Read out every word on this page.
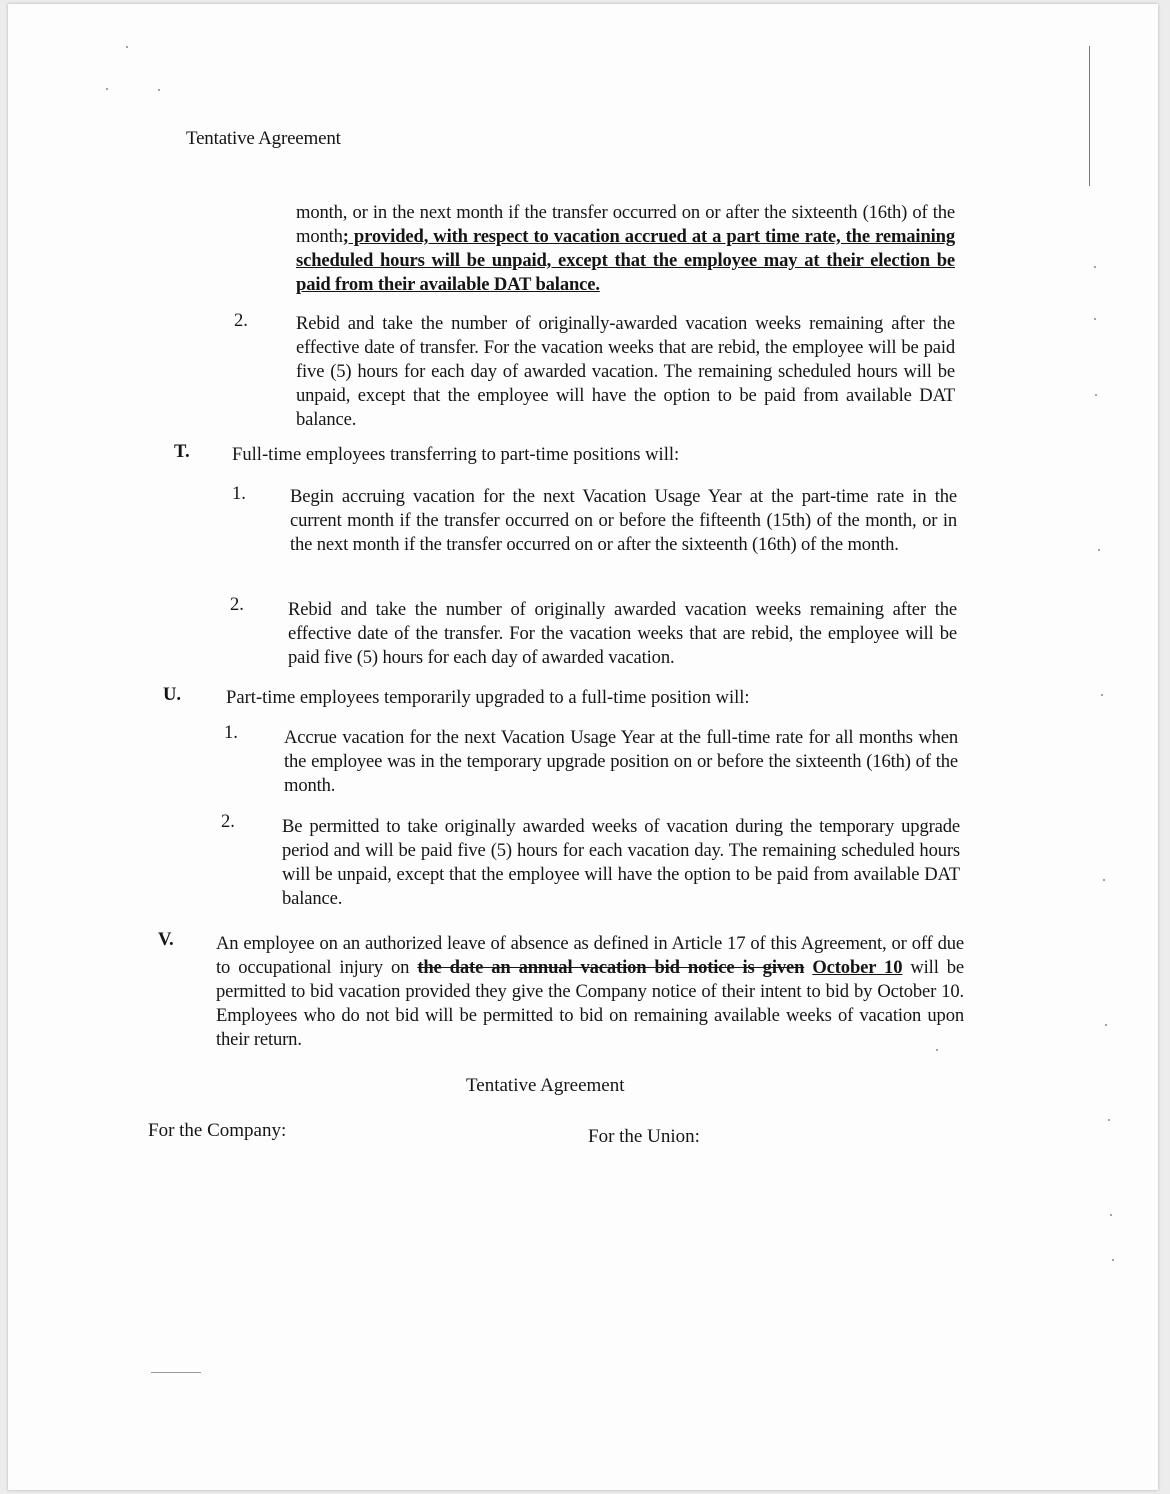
Tentative Agreement
month, or in the next month if the transfer occurred on or after the sixteenth (16th) of the month; provided, with respect to vacation accrued at a part time rate, the remaining scheduled hours will be unpaid, except that the employee may at their election be paid from their available DAT balance.
2.	Rebid and take the number of originally-awarded vacation weeks remaining after the effective date of transfer. For the vacation weeks that are rebid, the employee will be paid five (5) hours for each day of awarded vacation. The remaining scheduled hours will be unpaid, except that the employee will have the option to be paid from available DAT balance.
T. Full-time employees transferring to part-time positions will:
1. Begin accruing vacation for the next Vacation Usage Year at the part-time rate in the current month if the transfer occurred on or before the fifteenth (15th) of the month, or in the next month if the transfer occurred on or after the sixteenth (16th) of the month.
2. Rebid and take the number of originally awarded vacation weeks remaining after the effective date of the transfer. For the vacation weeks that are rebid, the employee will be paid five (5) hours for each day of awarded vacation.
U. Part-time employees temporarily upgraded to a full-time position will:
1. Accrue vacation for the next Vacation Usage Year at the full-time rate for all months when the employee was in the temporary upgrade position on or before the sixteenth (16th) of the month.
2.	Be permitted to take originally awarded weeks of vacation during the temporary upgrade period and will be paid five (5) hours for each vacation day. The remaining scheduled hours will be unpaid, except that the employee will have the option to be paid from available DAT balance.
V. An employee on an authorized leave of absence as defined in Article 17 of this Agreement, or off due to occupational injury on the date an annual vacation bid notice is given October 10 will be permitted to bid vacation provided they give the Company notice of their intent to bid by October 10. Employees who do not bid will be permitted to bid on remaining available weeks of vacation upon their return.
Tentative Agreement
For the Company:	For the Union:
